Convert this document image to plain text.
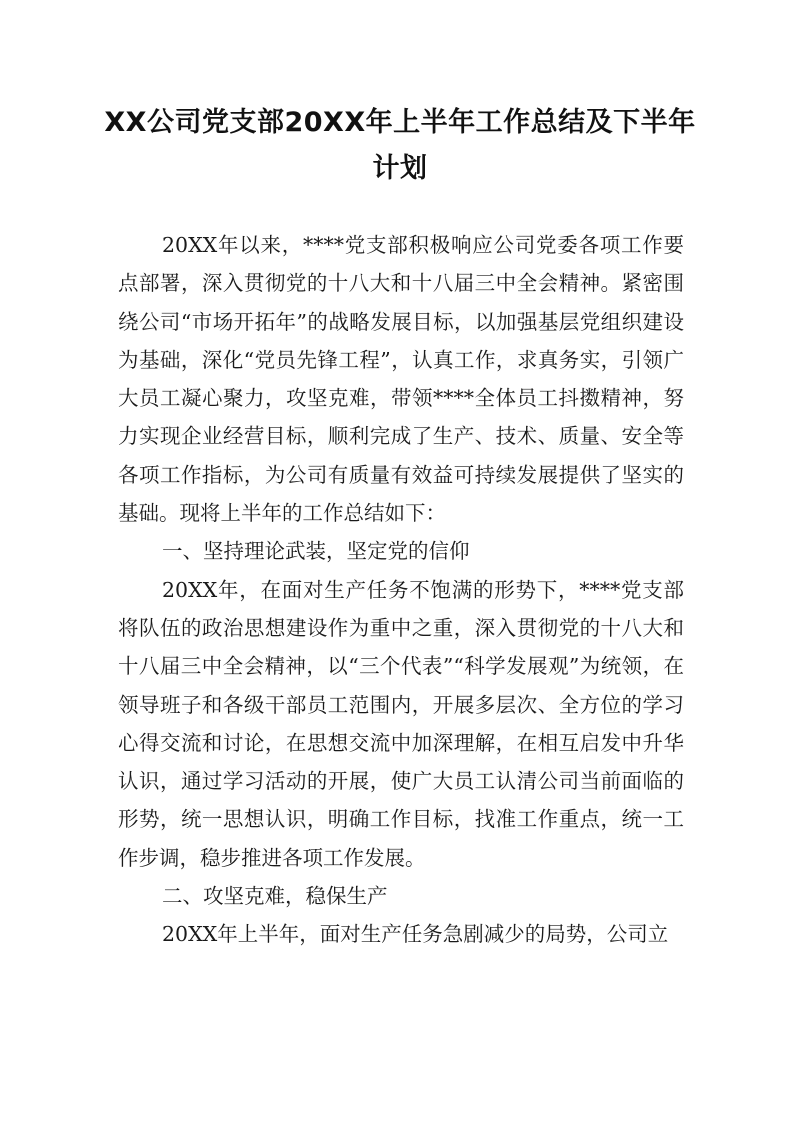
XX公司党支部20XX年上半年工作总结及下半年计划

20XX年以来，****党支部积极响应公司党委各项工作要点部署，深入贯彻党的十八大和十八届三中全会精神。紧密围绕公司“市场开拓年”的战略发展目标，以加强基层党组织建设为基础，深化“党员先锋工程”，认真工作，求真务实，引领广大员工凝心聚力，攻坚克难，带领****全体员工抖擞精神，努力实现企业经营目标，顺利完成了生产、技术、质量、安全等各项工作指标，为公司有质量有效益可持续发展提供了坚实的基础。现将上半年的工作总结如下：

一、坚持理论武装，坚定党的信仰

20XX年，在面对生产任务不饱满的形势下，****党支部将队伍的政治思想建设作为重中之重，深入贯彻党的十八大和十八届三中全会精神，以“三个代表”“科学发展观”为统领，在领导班子和各级干部员工范围内，开展多层次、全方位的学习心得交流和讨论，在思想交流中加深理解，在相互启发中升华认识，通过学习活动的开展，使广大员工认清公司当前面临的形势，统一思想认识，明确工作目标，找准工作重点，统一工作步调，稳步推进各项工作发展。

二、攻坚克难，稳保生产

20XX年上半年，面对生产任务急剧减少的局势，公司立
